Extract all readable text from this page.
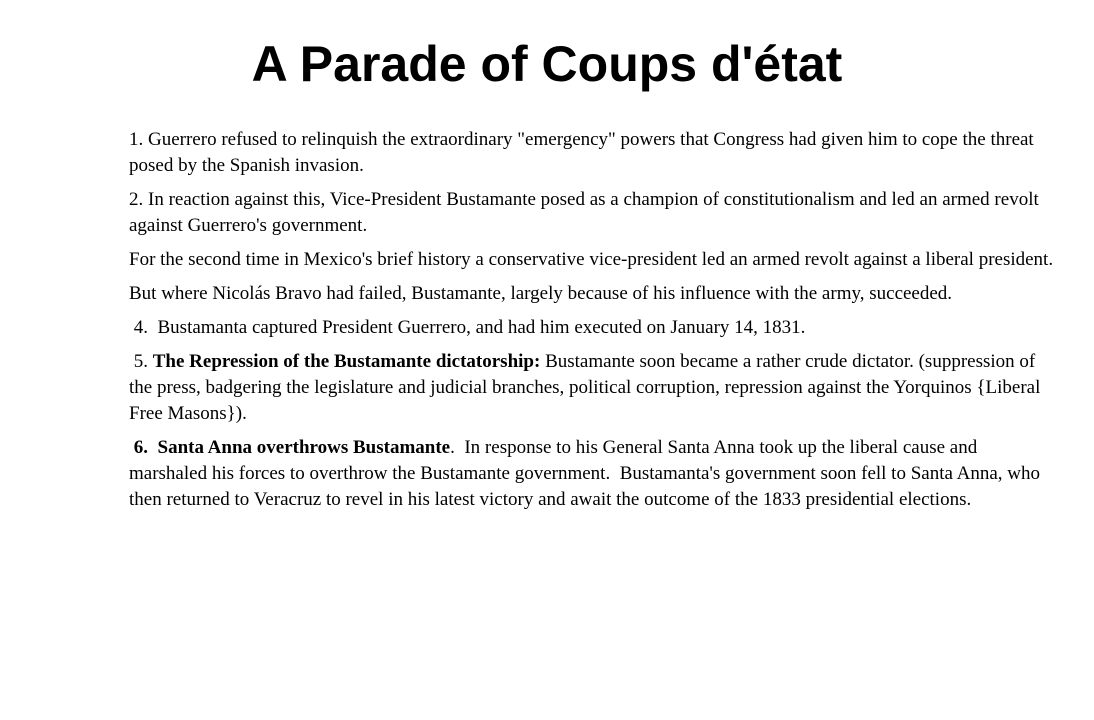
A Parade of Coups d'état

1. Guerrero refused to relinquish the extraordinary "emergency" powers that Congress had given him to cope the threat posed by the Spanish invasion.

2. In reaction against this, Vice-President Bustamante posed as a champion of constitutionalism and led an armed revolt against Guerrero's government.

For the second time in Mexico's brief history a conservative vice-president led an armed revolt against a liberal president.

But where Nicolás Bravo had failed, Bustamante, largely because of his influence with the army, succeeded.

4.  Bustamanta captured President Guerrero, and had him executed on January 14, 1831.

5. The Repression of the Bustamante dictatorship: Bustamante soon became a rather crude dictator. (suppression of the press, badgering the legislature and judicial branches, political corruption, repression against the Yorquinos {Liberal Free Masons}).

6.  Santa Anna overthrows Bustamante.  In response to his General Santa Anna took up the liberal cause and marshaled his forces to overthrow the Bustamante government.  Bustamanta's government soon fell to Santa Anna, who then returned to Veracruz to revel in his latest victory and await the outcome of the 1833 presidential elections.
